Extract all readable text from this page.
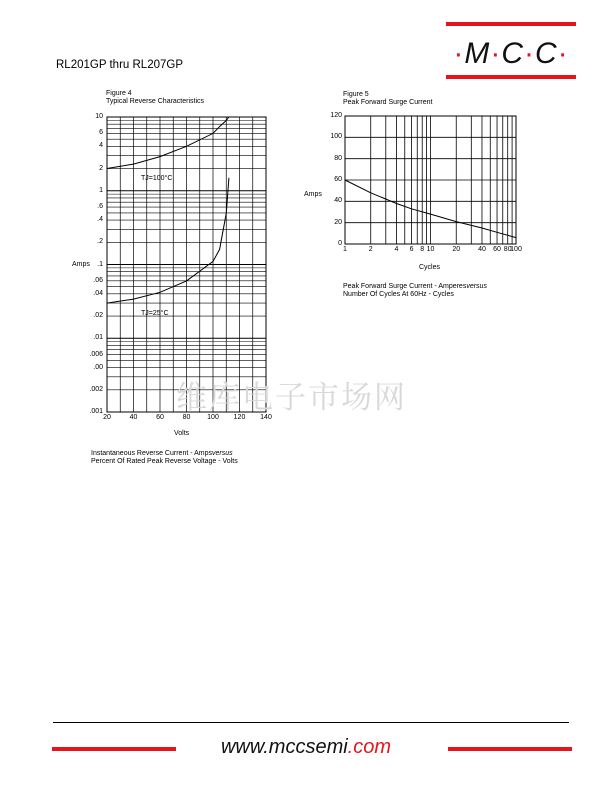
·M·C·C·
RL201GP thru RL207GP
Figure 4
Typical Reverse Characteristics
Amps
Volts
10
6
4
2
1
.6
.4
.2
.1
.06
.04
.02
.01
.006
.00
.002
.001
20	40	60	80	100	120	140
TJ=100°C
TJ=25°C
Instantaneous Reverse Current - Ampsversus
Percent Of Rated Peak Reverse Voltage - Volts
Figure 5
Peak Forward Surge Current
Amps
Cycles
120
100
80
60
40
20
0
1	2	4	6 8 10	20	40	60 80
100
Peak Forward Surge Current - Amperesversus
Number Of Cycles At 60Hz - Cycles
维库电子市场网
www.mccsemi.com
